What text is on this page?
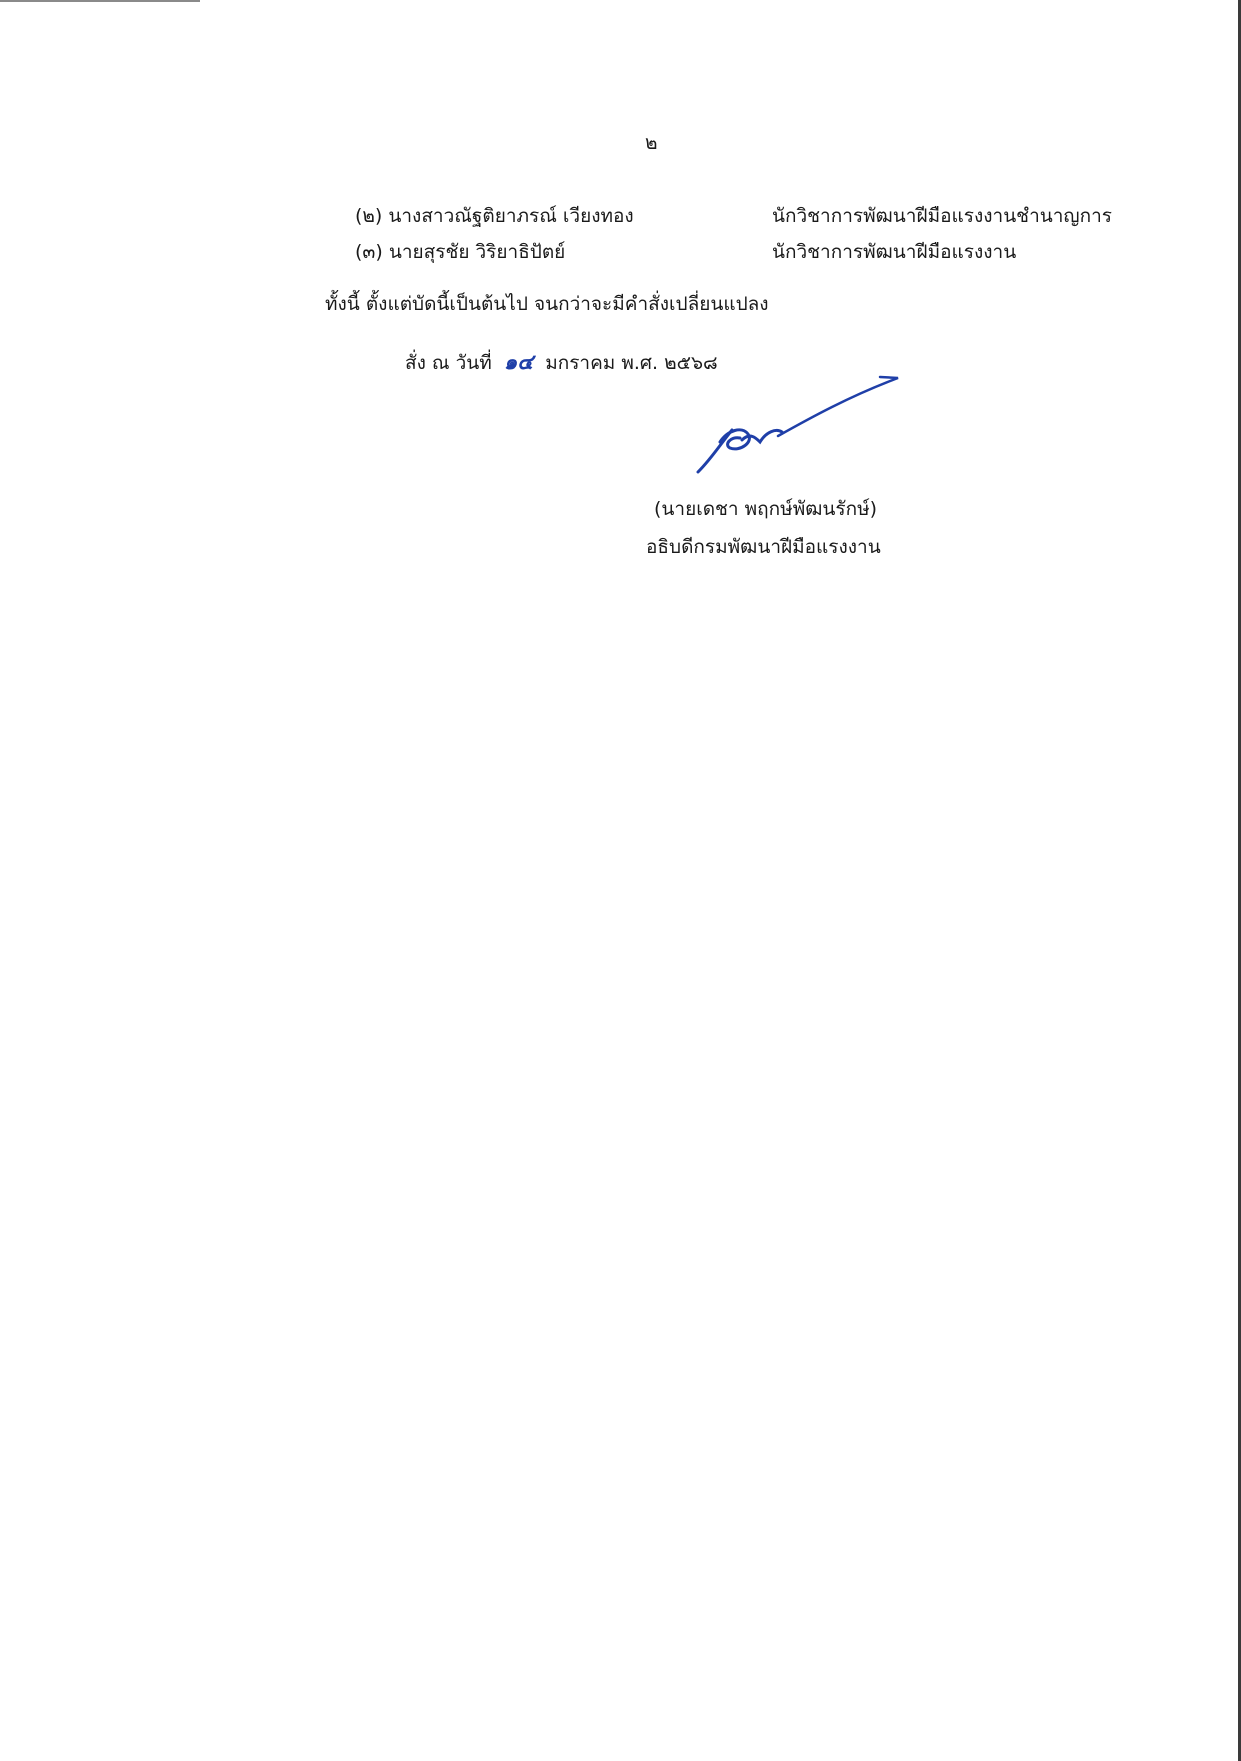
๒
(๒) นางสาวณัฐติยาภรณ์ เวียงทอง	นักวิชาการพัฒนาฝีมือแรงงานชำนาญการ
(๓) นายสุรชัย วิริยาธิปัตย์	นักวิชาการพัฒนาฝีมือแรงงาน
ทั้งนี้ ตั้งแต่บัดนี้เป็นต้นไป จนกว่าจะมีคำสั่งเปลี่ยนแปลง
สั่ง ณ วันที่ ๑๔ มกราคม พ.ศ. ๒๕๖๘
(นายเดชา พฤกษ์พัฒนรักษ์)
อธิบดีกรมพัฒนาฝีมือแรงงาน
